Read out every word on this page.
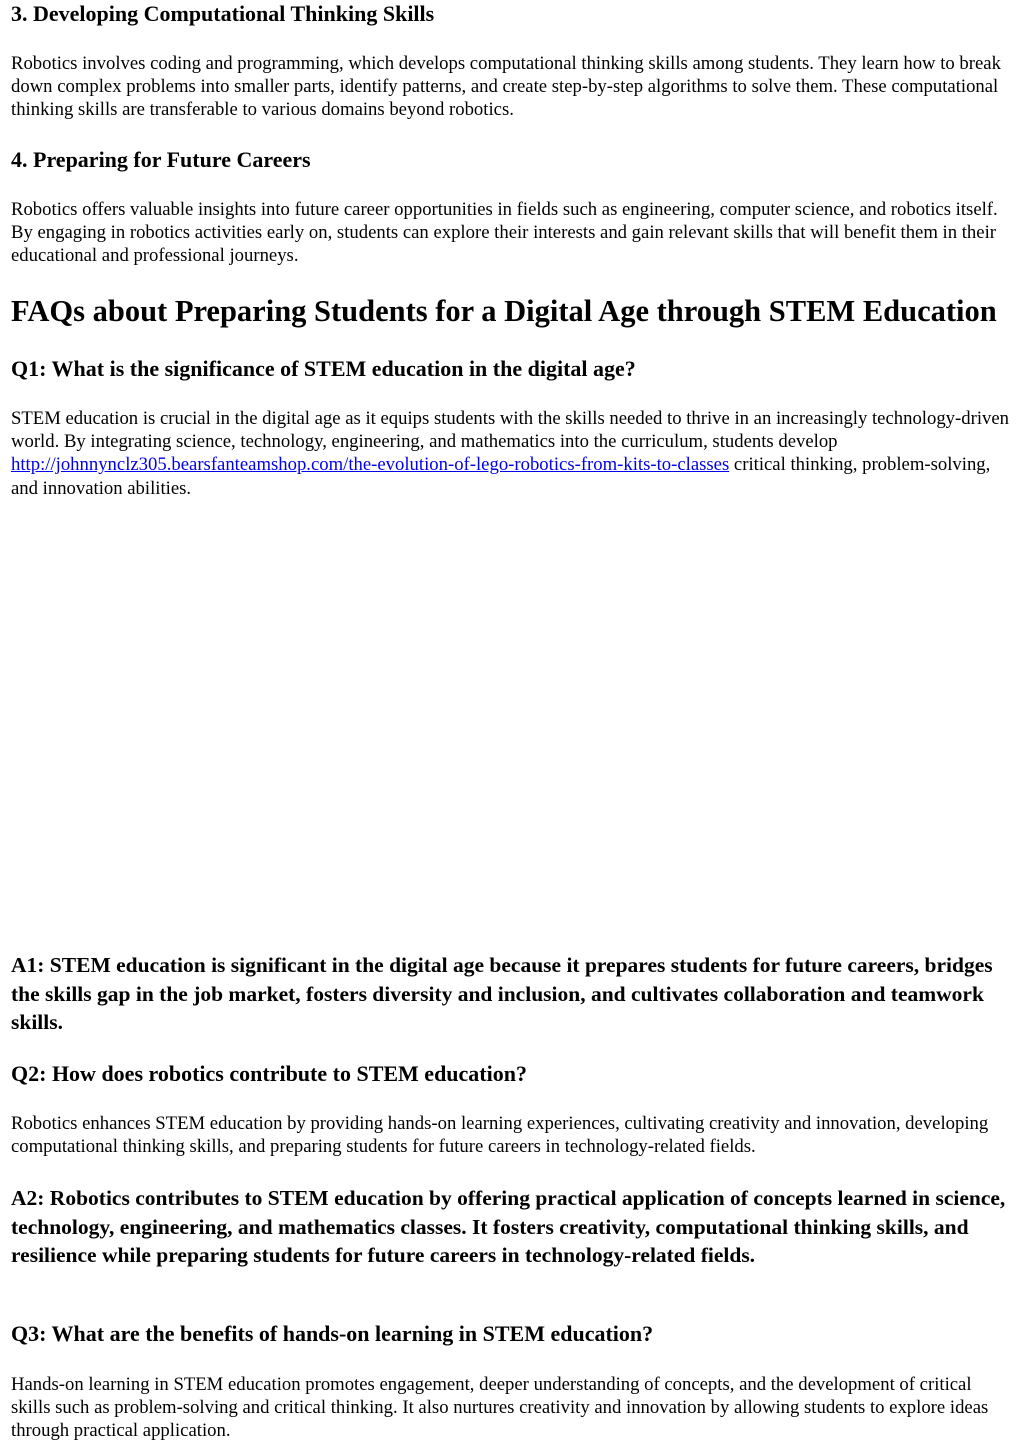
3. Developing Computational Thinking Skills

Robotics involves coding and programming, which develops computational thinking skills among students. They learn how to break down complex problems into smaller parts, identify patterns, and create step-by-step algorithms to solve them. These computational thinking skills are transferable to various domains beyond robotics.

4. Preparing for Future Careers

Robotics offers valuable insights into future career opportunities in fields such as engineering, computer science, and robotics itself. By engaging in robotics activities early on, students can explore their interests and gain relevant skills that will benefit them in their educational and professional journeys.

FAQs about Preparing Students for a Digital Age through STEM Education
Q1: What is the significance of STEM education in the digital age?

STEM education is crucial in the digital age as it equips students with the skills needed to thrive in an increasingly technology-driven world. By integrating science, technology, engineering, and mathematics into the curriculum, students develop http://johnnynclz305.bearsfanteamshop.com/the-evolution-of-lego-robotics-from-kits-to-classes critical thinking, problem-solving, and innovation abilities.

A1: STEM education is significant in the digital age because it prepares students for future careers, bridges the skills gap in the job market, fosters diversity and inclusion, and cultivates collaboration and teamwork skills.

Q2: How does robotics contribute to STEM education?

Robotics enhances STEM education by providing hands-on learning experiences, cultivating creativity and innovation, developing computational thinking skills, and preparing students for future careers in technology-related fields.

A2: Robotics contributes to STEM education by offering practical application of concepts learned in science, technology, engineering, and mathematics classes. It fosters creativity, computational thinking skills, and resilience while preparing students for future careers in technology-related fields.

Q3: What are the benefits of hands-on learning in STEM education?

Hands-on learning in STEM education promotes engagement, deeper understanding of concepts, and the development of critical skills such as problem-solving and critical thinking. It also nurtures creativity and innovation by allowing students to explore ideas through practical application.
